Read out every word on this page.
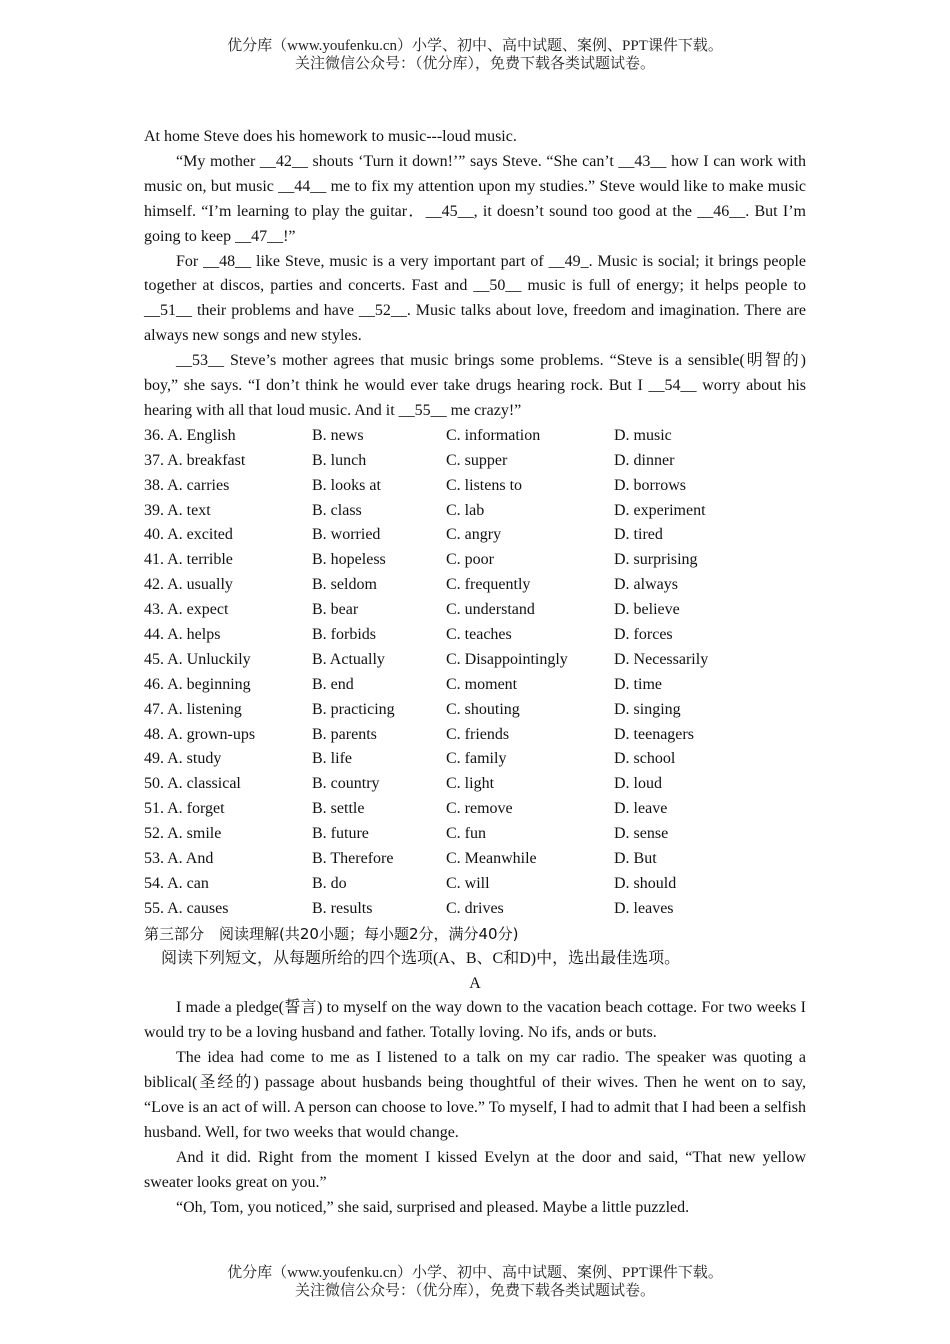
优分库（www.youfenku.cn）小学、初中、高中试题、案例、PPT课件下载。
关注微信公众号：（优分库），免费下载各类试题试卷。

At home Steve does his homework to music---loud music.

“My mother __42__ shouts ‘Turn it down!’” says Steve. “She can’t __43__ how I can work with music on, but music __44__ me to fix my attention upon my studies.” Steve would like to make music himself. “I’m learning to play the guitar．__45__, it doesn’t sound too good at the __46__. But I’m going to keep __47__!”

For __48__ like Steve, music is a very important part of __49_. Music is social; it brings people together at discos, parties and concerts. Fast and __50__ music is full of energy; it helps people to __51__ their problems and have __52__. Music talks about love, freedom and imagination. There are always new songs and new styles.

__53__ Steve’s mother agrees that music brings some problems. “Steve is a sensible(明智的) boy,” she says. “I don’t think he would ever take drugs hearing rock. But I __54__ worry about his hearing with all that loud music. And it __55__ me crazy!”

36. A. English	B. news	C. information	D. music
37. A. breakfast	B. lunch	C. supper	D. dinner
38. A. carries	B. looks at	C. listens to	D. borrows
39. A. text	B. class	C. lab	D. experiment
40. A. excited	B. worried	C. angry	D. tired
41. A. terrible	B. hopeless	C. poor	D. surprising
42. A. usually	B. seldom	C. frequently	D. always
43. A. expect	B. bear	C. understand	D. believe
44. A. helps	B. forbids	C. teaches	D. forces
45. A. Unluckily	B. Actually	C. Disappointingly	D. Necessarily
46. A. beginning	B. end	C. moment	D. time
47. A. listening	B. practicing	C. shouting	D. singing
48. A. grown-ups	B. parents	C. friends	D. teenagers
49. A. study	B. life	C. family	D. school
50. A. classical	B. country	C. light	D. loud
51. A. forget	B. settle	C. remove	D. leave
52. A. smile	B. future	C. fun	D. sense
53. A. And	B. Therefore	C. Meanwhile	D. But
54. A. can	B. do	C. will	D. should
55. A. causes	B. results	C. drives	D. leaves

第三部分　阅读理解(共20小题；每小题2分，满分40分)

阅读下列短文，从每题所给的四个选项(A、B、C和D)中，选出最佳选项。

A

I made a pledge(誓言) to myself on the way down to the vacation beach cottage. For two weeks I would try to be a loving husband and father. Totally loving. No ifs, ands or buts.

The idea had come to me as I listened to a talk on my car radio. The speaker was quoting a biblical(圣经的) passage about husbands being thoughtful of their wives. Then he went on to say, “Love is an act of will. A person can choose to love.” To myself, I had to admit that I had been a selfish husband. Well, for two weeks that would change.

And it did. Right from the moment I kissed Evelyn at the door and said, “That new yellow sweater looks great on you.”

“Oh, Tom, you noticed,” she said, surprised and pleased. Maybe a little puzzled.

优分库（www.youfenku.cn）小学、初中、高中试题、案例、PPT课件下载。
关注微信公众号：（优分库），免费下载各类试题试卷。
